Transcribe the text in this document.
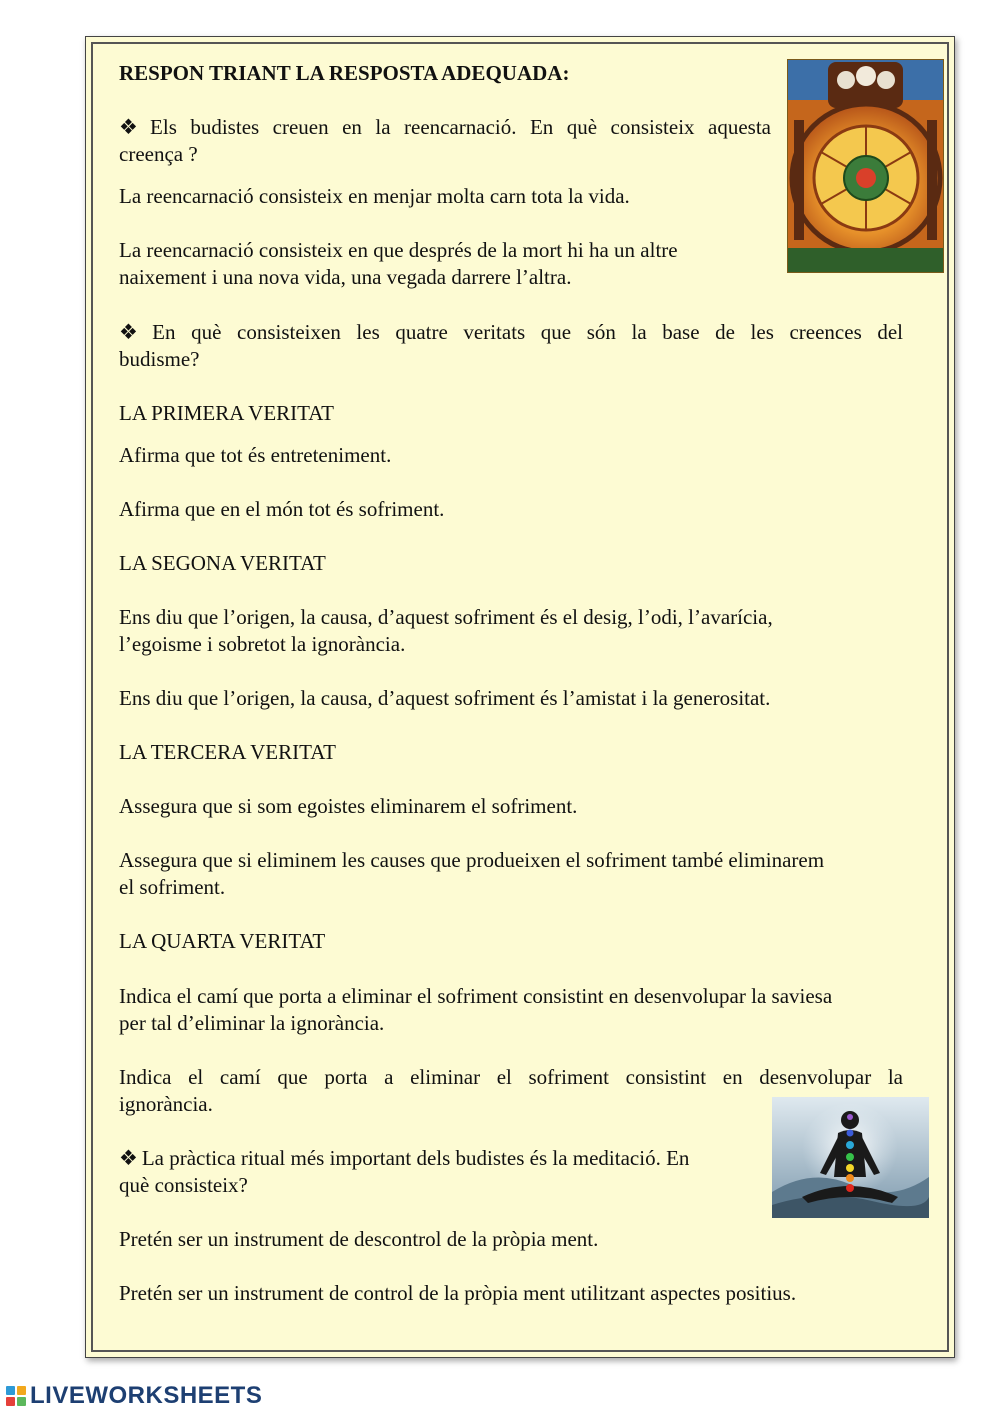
RESPON TRIANT LA RESPOSTA ADEQUADA:

❖ Els budistes creuen en la reencarnació. En què consisteix aquesta

creença ?

La reencarnació consisteix en menjar molta carn tota la vida.

La reencarnació consisteix en que després de la mort hi ha un altre

naixement i una nova vida, una vegada darrere l’altra.

❖ En què consisteixen les quatre veritats que són la base de les creences del

budisme?

LA PRIMERA VERITAT

Afirma que tot és entreteniment.

Afirma que en el món tot és sofriment.

LA SEGONA VERITAT

Ens diu que l’origen, la causa, d’aquest sofriment és el desig, l’odi, l’avarícia,

l’egoisme i sobretot la ignorància.

Ens diu que l’origen, la causa, d’aquest sofriment és l’amistat i la generositat.

LA TERCERA VERITAT

Assegura que si som egoistes eliminarem el sofriment.

Assegura que si eliminem les causes que produeixen el sofriment també eliminarem

el sofriment.

LA QUARTA VERITAT

Indica el camí que porta a eliminar el sofriment consistint en desenvolupar la saviesa

per tal d’eliminar la ignorància.

Indica el camí que porta a eliminar el sofriment consistint en desenvolupar la

ignorància.

❖ La pràctica ritual més important dels budistes és la meditació. En

què consisteix?

Pretén ser un instrument de descontrol de la pròpia ment.

Pretén ser un instrument de control de la pròpia ment utilitzant aspectes positius.

LIVEWORKSHEETS
